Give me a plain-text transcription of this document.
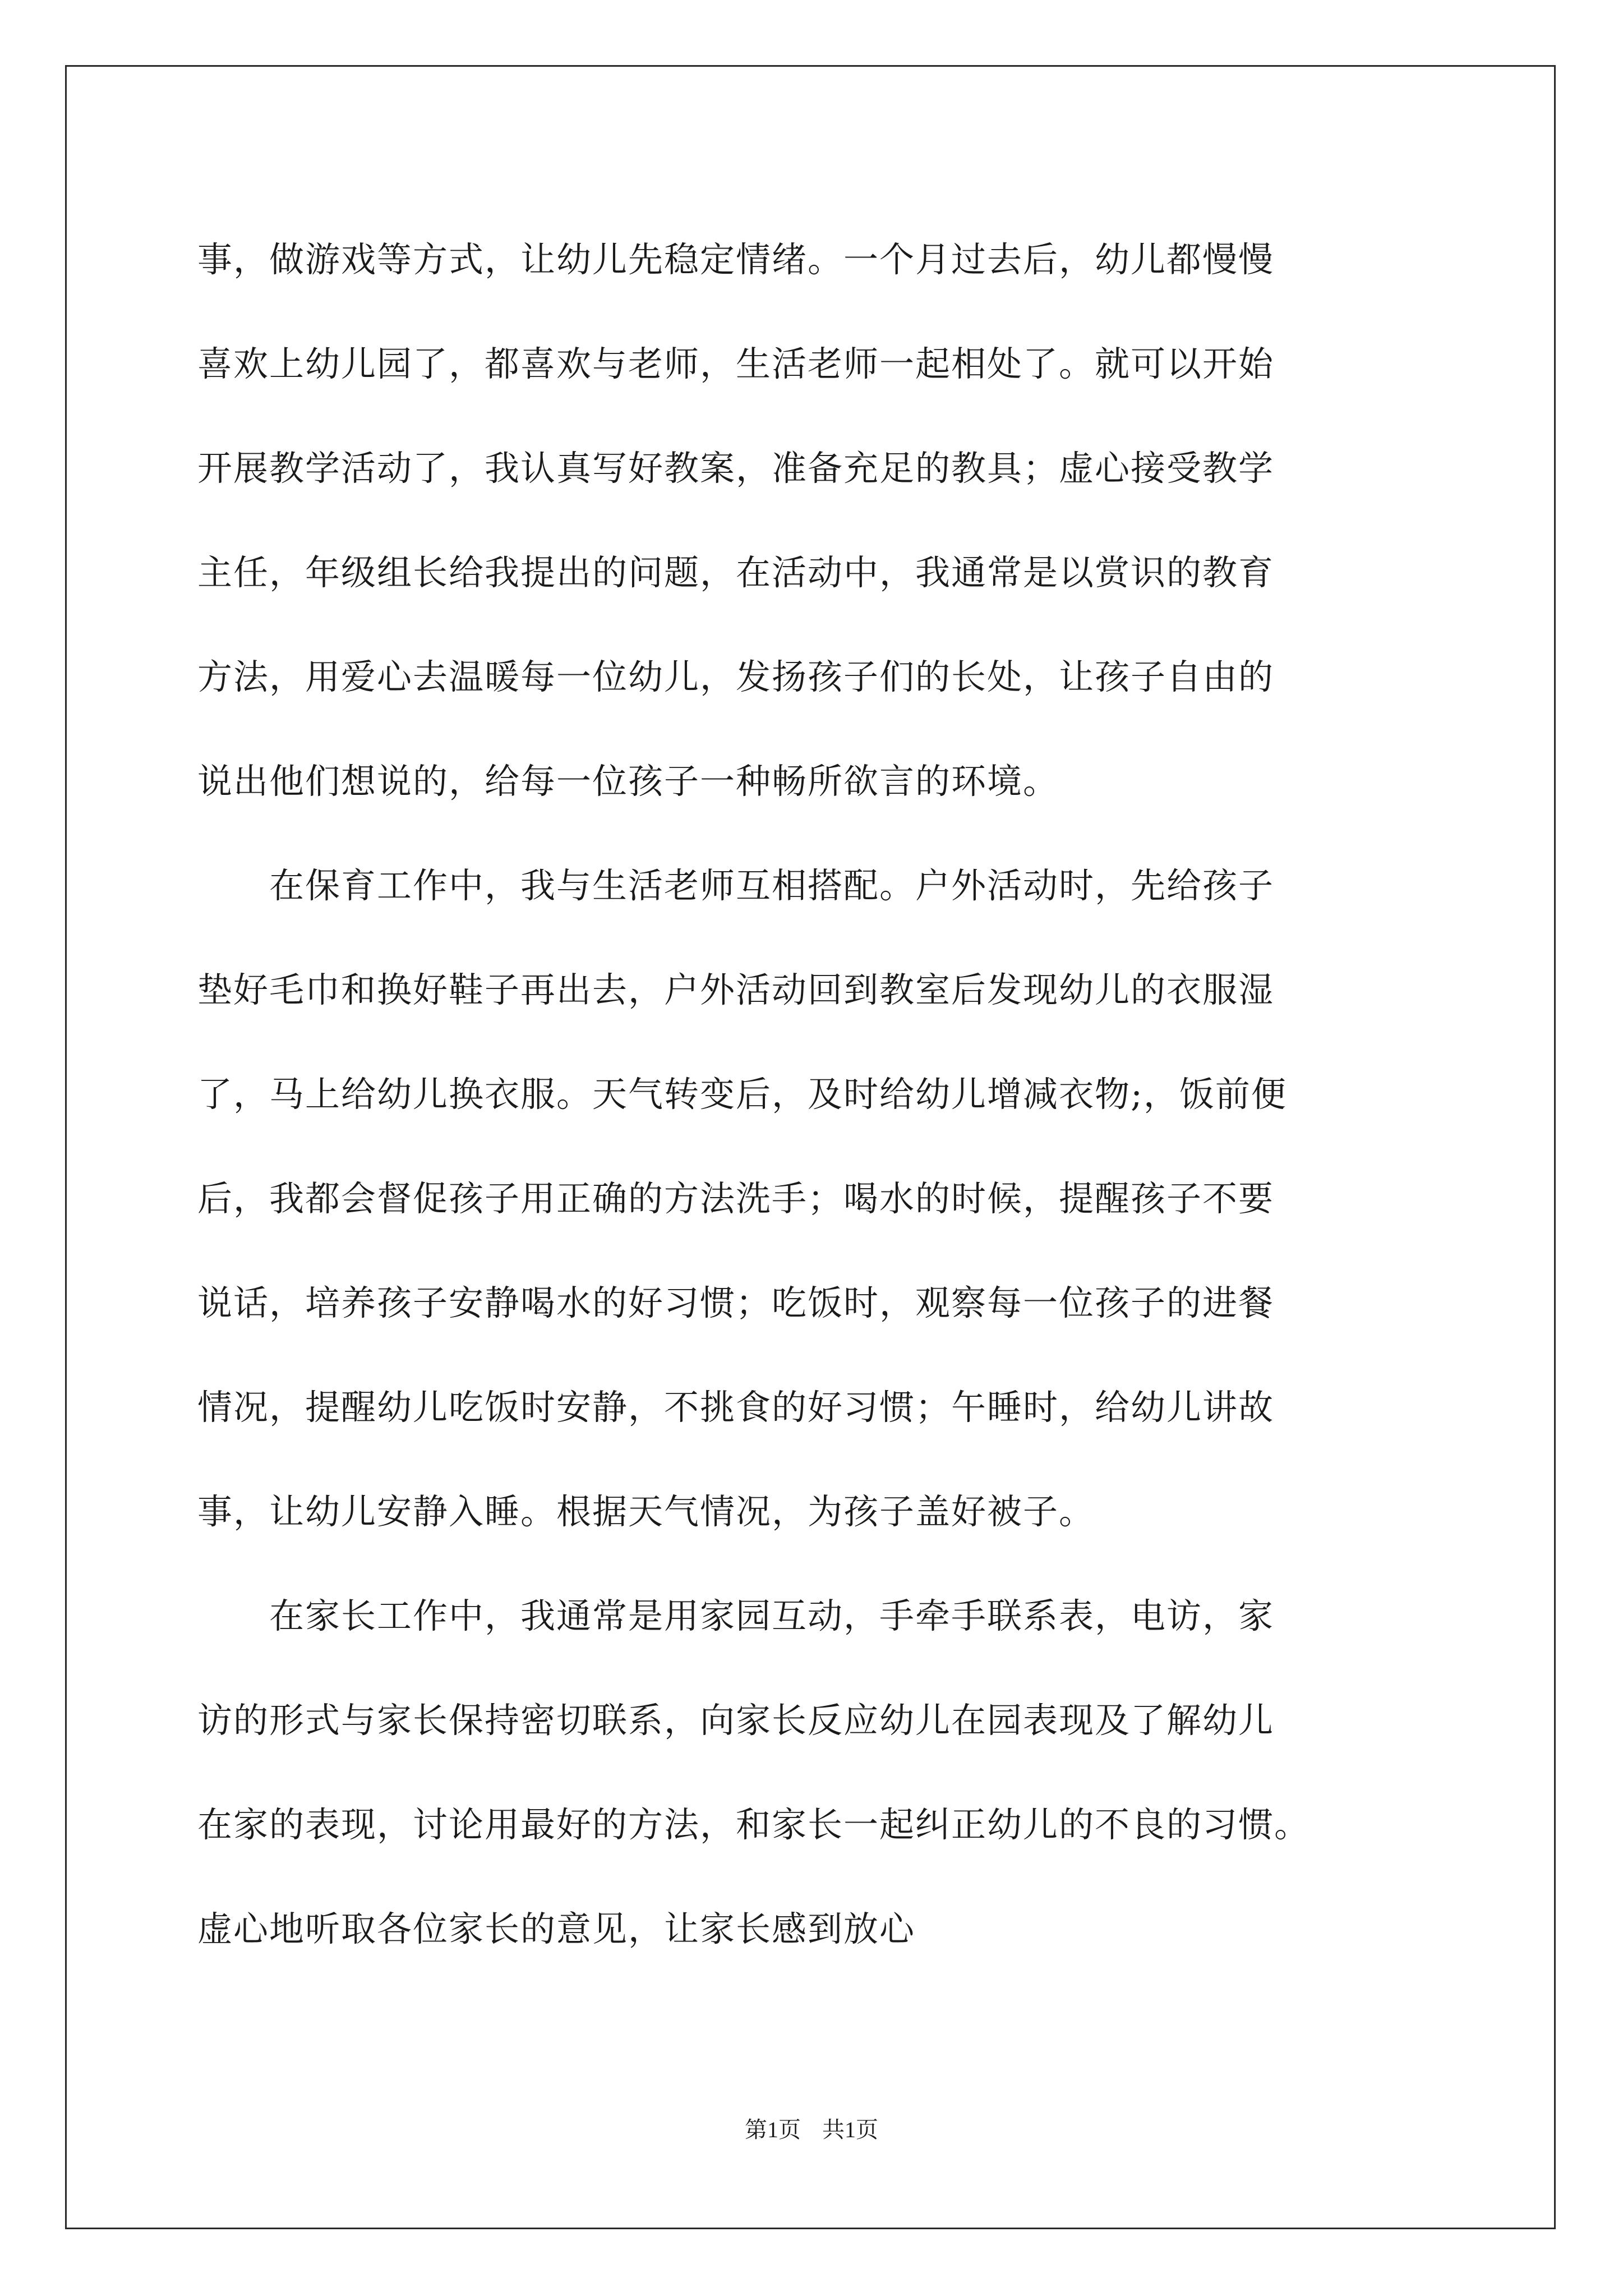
事，做游戏等方式，让幼儿先稳定情绪。一个月过去后，幼儿都慢慢
喜欢上幼儿园了，都喜欢与老师，生活老师一起相处了。就可以开始
开展教学活动了，我认真写好教案，准备充足的教具；虚心接受教学
主任，年级组长给我提出的问题，在活动中，我通常是以赏识的教育
方法，用爱心去温暖每一位幼儿，发扬孩子们的长处，让孩子自由的
说出他们想说的，给每一位孩子一种畅所欲言的环境。
在保育工作中，我与生活老师互相搭配。户外活动时，先给孩子
垫好毛巾和换好鞋子再出去，户外活动回到教室后发现幼儿的衣服湿
了，马上给幼儿换衣服。天气转变后，及时给幼儿增减衣物;，饭前便
后，我都会督促孩子用正确的方法洗手；喝水的时候，提醒孩子不要
说话，培养孩子安静喝水的好习惯；吃饭时，观察每一位孩子的进餐
情况，提醒幼儿吃饭时安静，不挑食的好习惯；午睡时，给幼儿讲故
事，让幼儿安静入睡。根据天气情况，为孩子盖好被子。
在家长工作中，我通常是用家园互动，手牵手联系表，电访，家
访的形式与家长保持密切联系，向家长反应幼儿在园表现及了解幼儿
在家的表现，讨论用最好的方法，和家长一起纠正幼儿的不良的习惯。
虚心地听取各位家长的意见，让家长感到放心
第1页 共1页
